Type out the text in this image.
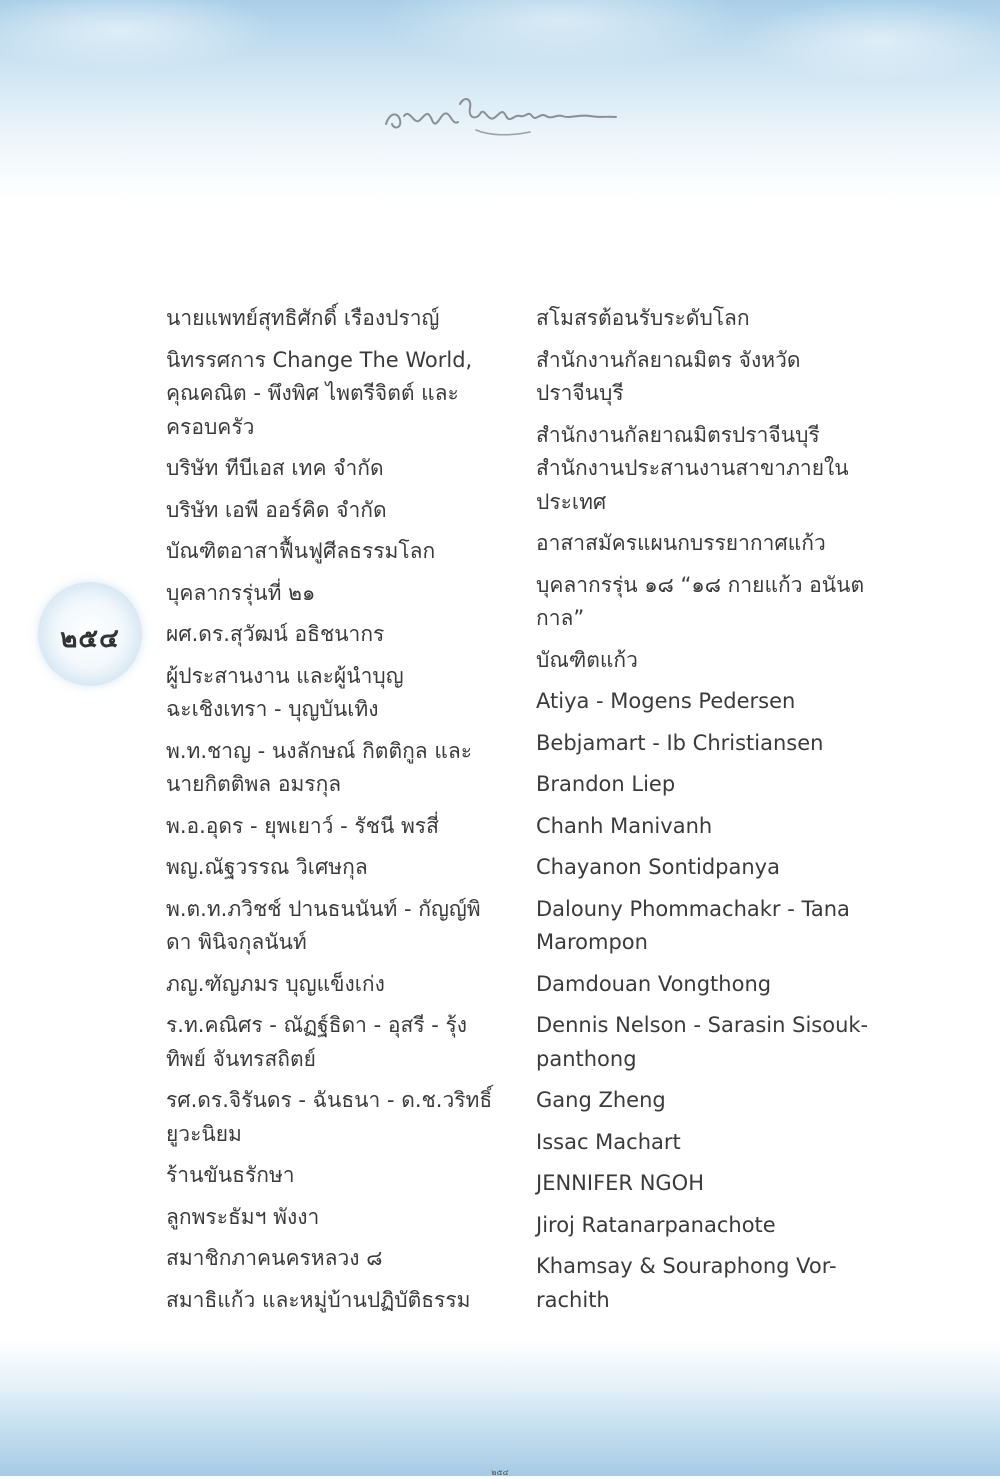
๒๕๔
นายแพทย์สุทธิศักดิ์ เรืองปราญ์
นิทรรศการ Change The World, คุณคณิต - พึงพิศ ไพตรีจิตต์ และครอบครัว
บริษัท ทีบีเอส เทค จำกัด
บริษัท เอพี ออร์คิด จำกัด
บัณฑิตอาสาฟื้นฟูศีลธรรมโลก
บุคลากรรุ่นที่ ๒๑
ผศ.ดร.สุวัฒน์ อธิชนากร
ผู้ประสานงาน และผู้นำบุญ ฉะเชิงเทรา - บุญบันเทิง
พ.ท.ชาญ - นงลักษณ์ กิตติกูล และนายกิตติพล อมรกุล
พ.อ.อุดร - ยุพเยาว์ - รัชนี พรสี่
พญ.ณัฐวรรณ วิเศษกุล
พ.ต.ท.ภวิชช์ ปานธนนันท์ - กัญญ์พิดา พินิจกุลนันท์
ภญ.ฑัญภมร บุญแข็งเก่ง
ร.ท.คณิศร - ณัฏฐ์ธิดา - อุสรี - รุ้งทิพย์ จันทรสถิตย์
รศ.ดร.จิรันดร - ฉันธนา - ด.ช.วริทธิ์ ยูวะนิยม
ร้านขันธรักษา
ลูกพระธัมฯ พังงา
สมาชิกภาคนครหลวง ๘
สมาธิแก้ว และหมู่บ้านปฏิบัติธรรม
สโมสรต้อนรับระดับโลก
สำนักงานกัลยาณมิตร จังหวัดปราจีนบุรี
สำนักงานกัลยาณมิตรปราจีนบุรี สำนักงานประสานงานสาขาภายใน ประเทศ
อาสาสมัครแผนกบรรยากาศแก้ว
บุคลากรรุ่น ๑๘ “๑๘ กายแก้ว อนันตกาล”
บัณฑิตแก้ว
Atiya - Mogens Pedersen
Bebjamart - Ib Christiansen
Brandon Liep
Chanh Manivanh
Chayanon Sontidpanya
Dalouny Phommachakr - Tana Marompon
Damdouan Vongthong
Dennis Nelson - Sarasin Sisouk-panthong
Gang Zheng
Issac Machart
JENNIFER NGOH
Jiroj Ratanarpanachote
Khamsay & Souraphong Vor-rachith
๒๕๔
